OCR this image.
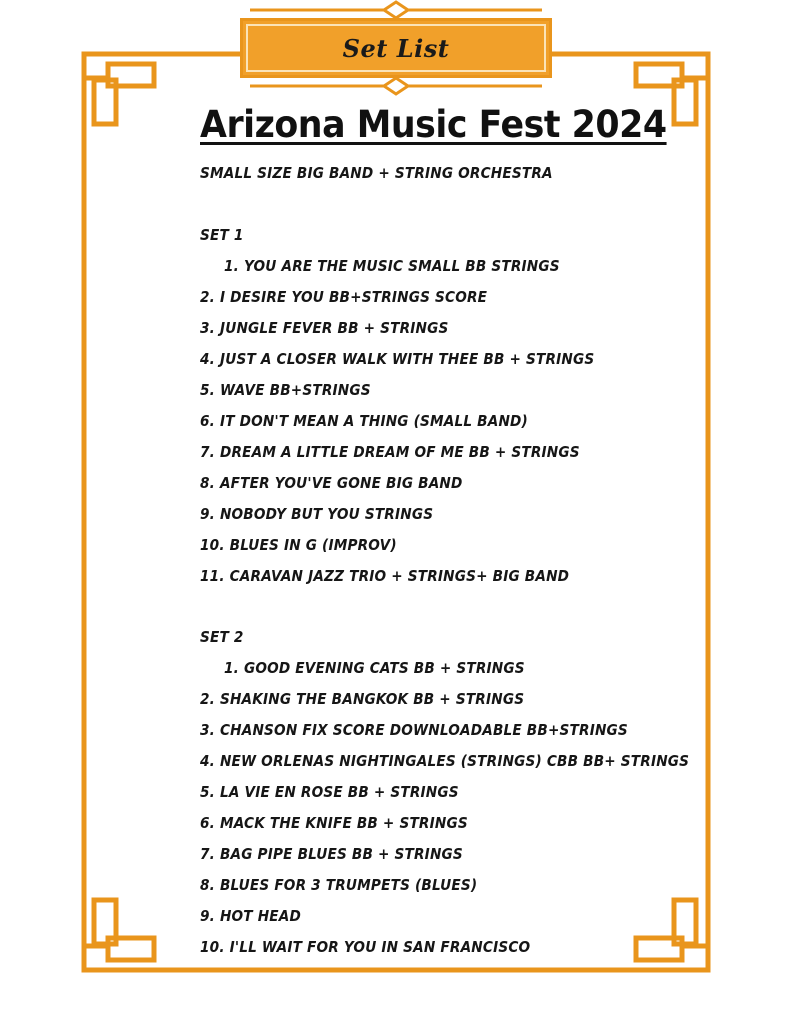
Set List
Arizona Music Fest 2024
SMALL SIZE BIG BAND + STRING ORCHESTRA
SET 1
1. YOU ARE THE MUSIC SMALL BB STRINGS
2. I DESIRE YOU BB+STRINGS SCORE
3. JUNGLE FEVER BB + STRINGS
4. JUST A CLOSER WALK WITH THEE BB + STRINGS
5. WAVE BB+STRINGS
6. IT DON'T MEAN A THING (SMALL BAND)
7. DREAM A LITTLE DREAM OF ME BB + STRINGS
8. AFTER YOU'VE GONE BIG BAND
9. NOBODY BUT YOU STRINGS
10. BLUES IN G (IMPROV)
11. CARAVAN JAZZ TRIO + STRINGS+ BIG BAND
SET 2
1. GOOD EVENING CATS BB + STRINGS
2. SHAKING THE BANGKOK BB + STRINGS
3. CHANSON FIX SCORE DOWNLOADABLE BB+STRINGS
4. NEW ORLENAS NIGHTINGALES (STRINGS) CBB BB+ STRINGS
5. LA VIE EN ROSE BB + STRINGS
6. MACK THE KNIFE BB + STRINGS
7. BAG PIPE BLUES BB + STRINGS
8. BLUES FOR 3 TRUMPETS (BLUES)
9. HOT HEAD
10. I'LL WAIT FOR YOU IN SAN FRANCISCO
